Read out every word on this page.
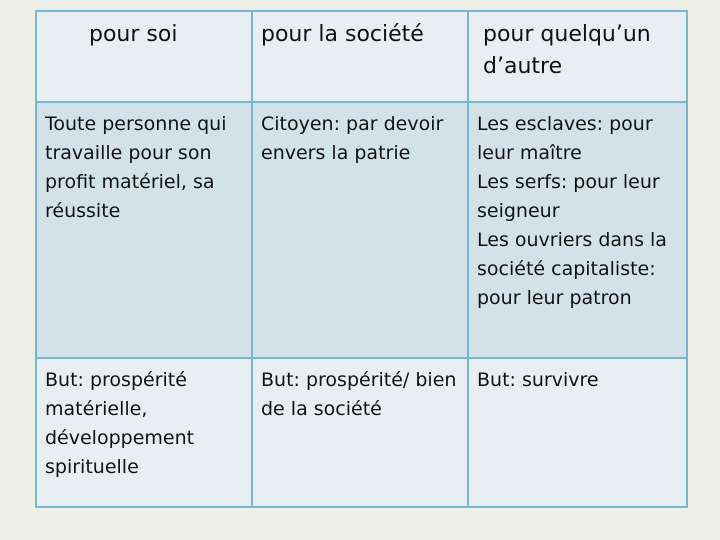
pour soi	pour la société	pour quelqu’un d’autre

Toute personne qui travaille pour son profit matériel, sa réussite	Citoyen: par devoir envers la patrie	Les esclaves: pour leur maître
Les serfs: pour leur seigneur
Les ouvriers dans la société capitaliste: pour leur patron

But: prospérité matérielle, développement spirituelle	But: prospérité/ bien de la société	But: survivre
